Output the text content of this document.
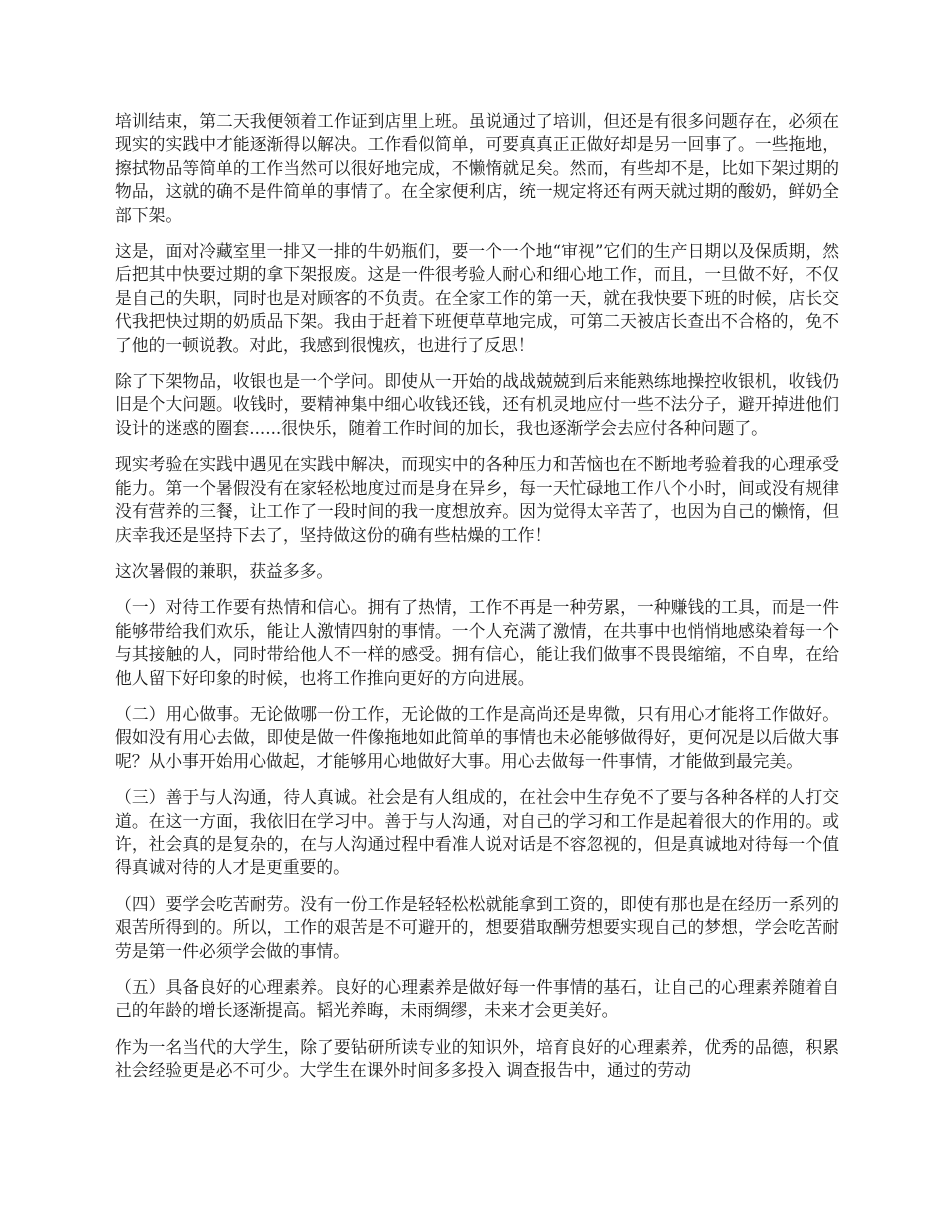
培训结束，第二天我便领着工作证到店里上班。虽说通过了培训，但还是有很多问题存在，必须在现实的实践中才能逐渐得以解决。工作看似简单，可要真真正正做好却是另一回事了。一些拖地，擦拭物品等简单的工作当然可以很好地完成，不懒惰就足矣。然而，有些却不是，比如下架过期的物品，这就的确不是件简单的事情了。在全家便利店，统一规定将还有两天就过期的酸奶，鲜奶全部下架。

这是，面对冷藏室里一排又一排的牛奶瓶们，要一个一个地“审视”它们的生产日期以及保质期，然后把其中快要过期的拿下架报废。这是一件很考验人耐心和细心地工作，而且，一旦做不好，不仅是自己的失职，同时也是对顾客的不负责。在全家工作的第一天，就在我快要下班的时候，店长交代我把快过期的奶质品下架。我由于赶着下班便草草地完成，可第二天被店长查出不合格的，免不了他的一顿说教。对此，我感到很愧疚，也进行了反思！

除了下架物品，收银也是一个学问。即使从一开始的战战兢兢到后来能熟练地操控收银机，收钱仍旧是个大问题。收钱时，要精神集中细心收钱还钱，还有机灵地应付一些不法分子，避开掉进他们设计的迷惑的圈套......很快乐，随着工作时间的加长，我也逐渐学会去应付各种问题了。

现实考验在实践中遇见在实践中解决，而现实中的各种压力和苦恼也在不断地考验着我的心理承受能力。第一个暑假没有在家轻松地度过而是身在异乡，每一天忙碌地工作八个小时，间或没有规律没有营养的三餐，让工作了一段时间的我一度想放弃。因为觉得太辛苦了，也因为自己的懒惰，但庆幸我还是坚持下去了，坚持做这份的确有些枯燥的工作！

这次暑假的兼职，获益多多。

（一）对待工作要有热情和信心。拥有了热情，工作不再是一种劳累，一种赚钱的工具，而是一件能够带给我们欢乐，能让人激情四射的事情。一个人充满了激情，在共事中也悄悄地感染着每一个与其接触的人，同时带给他人不一样的感受。拥有信心，能让我们做事不畏畏缩缩，不自卑，在给他人留下好印象的时候，也将工作推向更好的方向进展。

（二）用心做事。无论做哪一份工作，无论做的工作是高尚还是卑微，只有用心才能将工作做好。假如没有用心去做，即使是做一件像拖地如此简单的事情也未必能够做得好，更何况是以后做大事呢？从小事开始用心做起，才能够用心地做好大事。用心去做每一件事情，才能做到最完美。

（三）善于与人沟通，待人真诚。社会是有人组成的，在社会中生存免不了要与各种各样的人打交道。在这一方面，我依旧在学习中。善于与人沟通，对自己的学习和工作是起着很大的作用的。或许，社会真的是复杂的，在与人沟通过程中看准人说对话是不容忽视的，但是真诚地对待每一个值得真诚对待的人才是更重要的。

（四）要学会吃苦耐劳。没有一份工作是轻轻松松就能拿到工资的，即使有那也是在经历一系列的艰苦所得到的。所以，工作的艰苦是不可避开的，想要猎取酬劳想要实现自己的梦想，学会吃苦耐劳是第一件必须学会做的事情。

（五）具备良好的心理素养。良好的心理素养是做好每一件事情的基石，让自己的心理素养随着自己的年龄的增长逐渐提高。韬光养晦，未雨绸缪，未来才会更美好。

作为一名当代的大学生，除了要钻研所读专业的知识外，培育良好的心理素养，优秀的品德，积累社会经验更是必不可少。大学生在课外时间多多投入 调查报告中，通过的劳动
